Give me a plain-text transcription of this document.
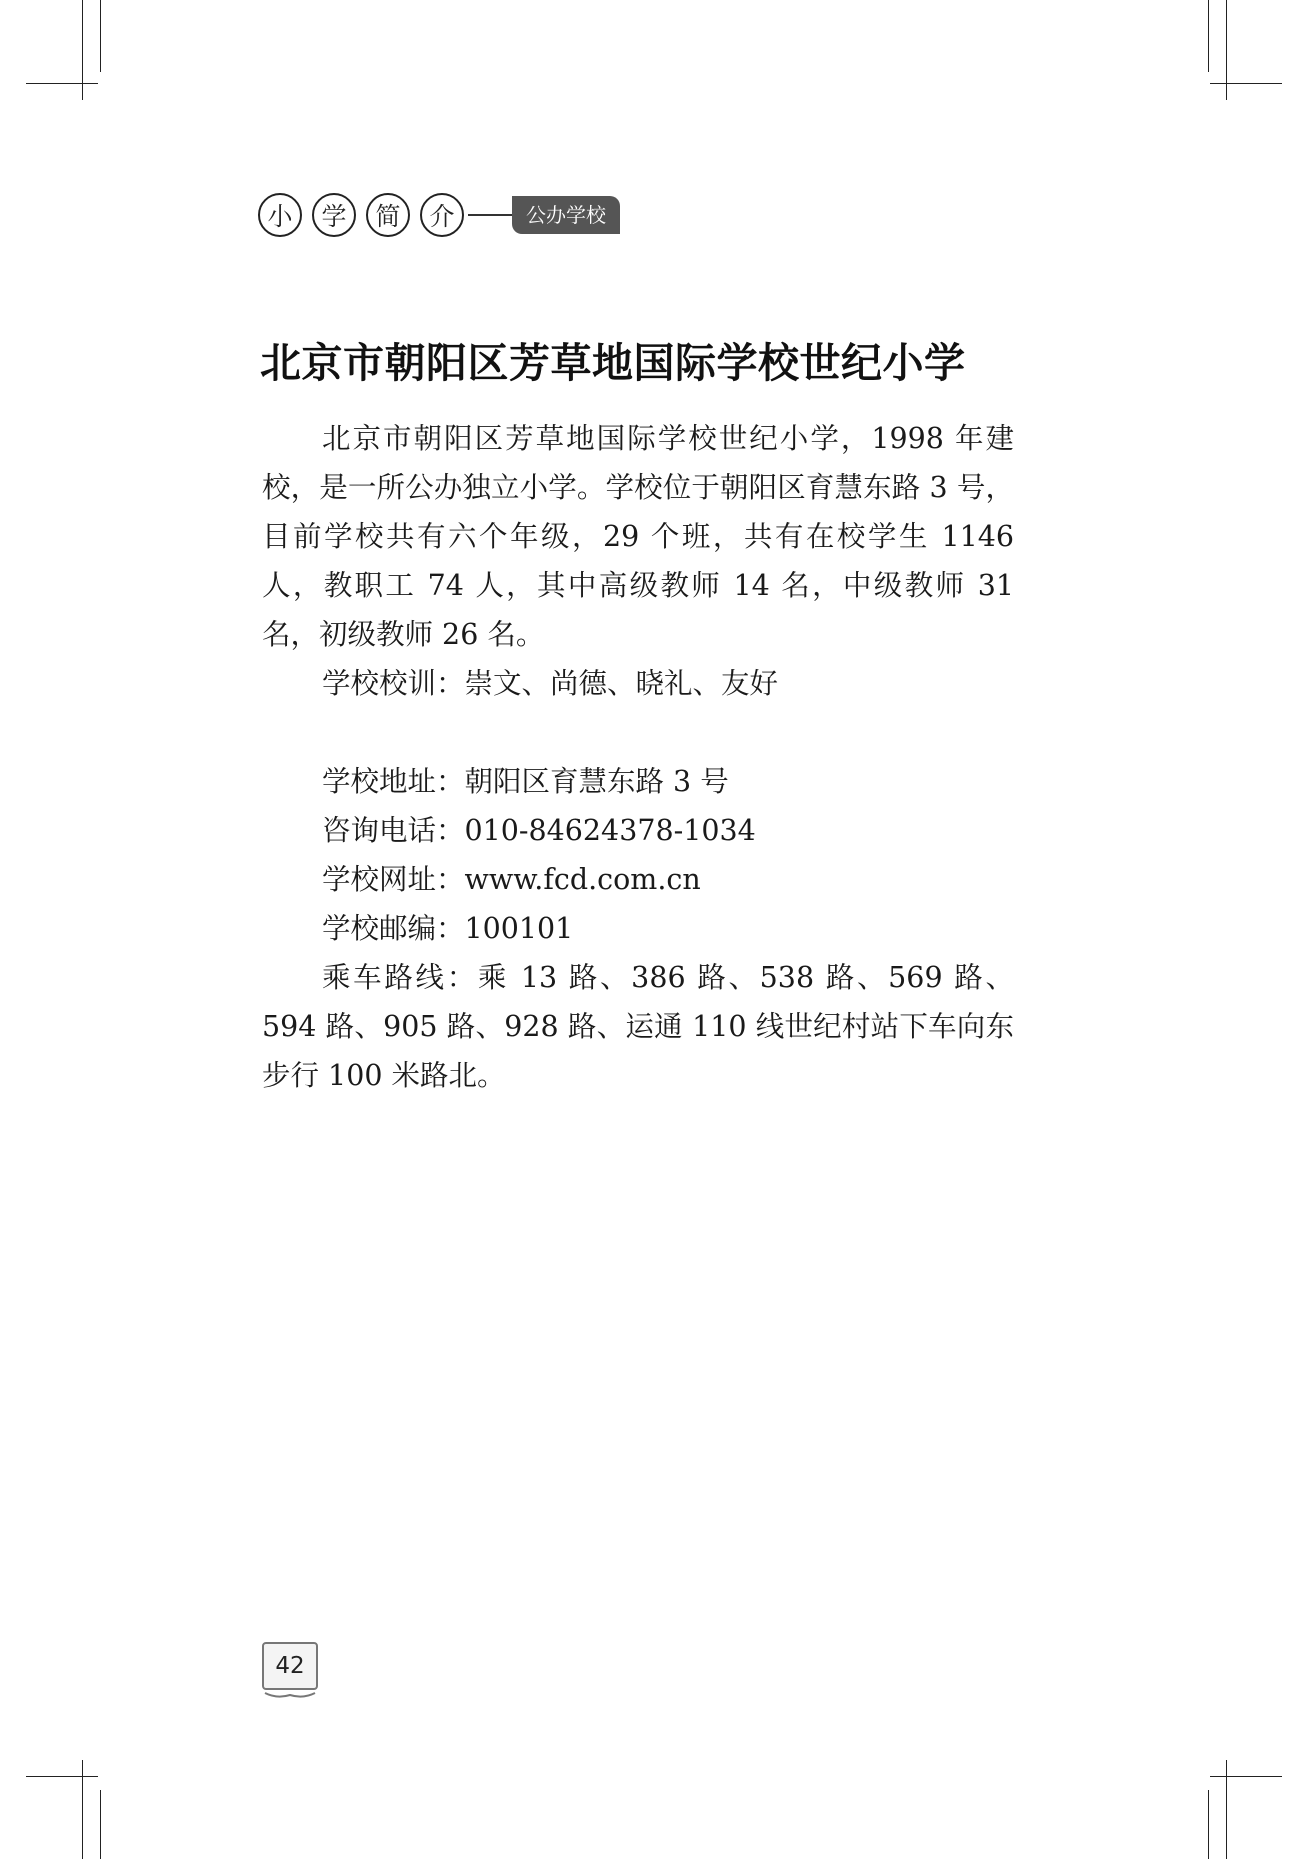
小	学	简	介	公办学校
北京市朝阳区芳草地国际学校世纪小学

北京市朝阳区芳草地国际学校世纪小学，1998 年建校，是一所公办独立小学。学校位于朝阳区育慧东路 3 号，目前学校共有六个年级，29 个班，共有在校学生 1146 人，教职工 74 人，其中高级教师 14 名，中级教师 31 名，初级教师 26 名。

学校校训：崇文、尚德、晓礼、友好

学校地址：朝阳区育慧东路 3 号

咨询电话：010-84624378-1034

学校网址：www.fcd.com.cn

学校邮编：100101

乘车路线：乘 13 路、386 路、538 路、569 路、594 路、905 路、928 路、运通 110 线世纪村站下车向东步行 100 米路北。

42
